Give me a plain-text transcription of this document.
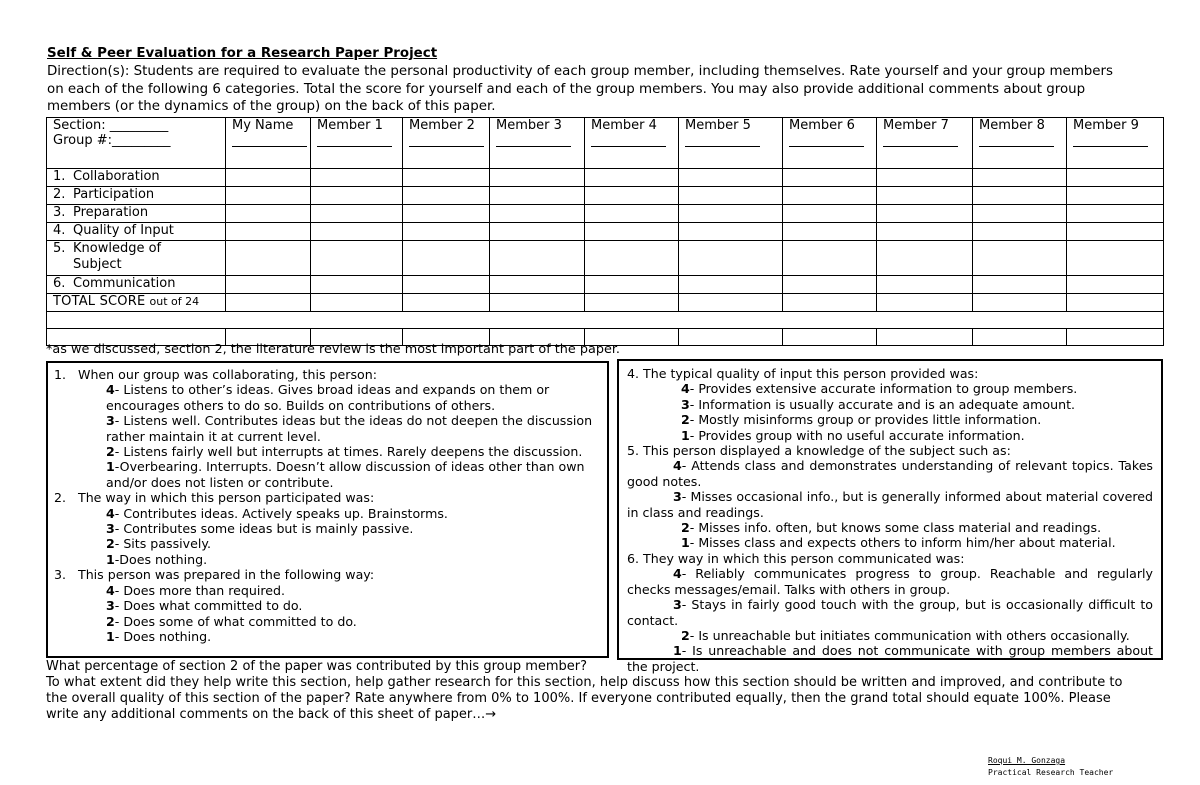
Self & Peer Evaluation for a Research Paper Project
Direction(s): Students are required to evaluate the personal productivity of each group member, including themselves. Rate yourself and your group members on each of the following 6 categories. Total the score for yourself and each of the group members. You may also provide additional comments about group members (or the dynamics of the group) on the back of this paper.
Section: _________
Group #:_________	My Name	Member 1	Member 2	Member 3	Member 4	Member 5	Member 6	Member 7	Member 8	Member 9

1. Collaboration										
2. Participation										
3. Preparation										
4. Quality of Input										
5. Knowledge of
Subject										

6. Communication										
TOTAL SCORE out of 24										

*as we discussed, section 2, the literature review is the most important part of the paper.
1. When our group was collaborating, this person:
4- Listens to other’s ideas. Gives broad ideas and expands on them or encourages others to do so. Builds on contributions of others.
3- Listens well. Contributes ideas but the ideas do not deepen the discussion rather maintain it at current level.
2- Listens fairly well but interrupts at times. Rarely deepens the discussion.
1-Overbearing. Interrupts. Doesn’t allow discussion of ideas other than own and/or does not listen or contribute.
2. The way in which this person participated was:
4- Contributes ideas. Actively speaks up. Brainstorms.
3- Contributes some ideas but is mainly passive.
2- Sits passively.
1-Does nothing.
3. This person was prepared in the following way:
4- Does more than required.
3- Does what committed to do.
2- Does some of what committed to do.
1- Does nothing.
4. The typical quality of input this person provided was:
4- Provides extensive accurate information to group members.
3- Information is usually accurate and is an adequate amount.
2- Mostly misinforms group or provides little information.
1- Provides group with no useful accurate information.
5. This person displayed a knowledge of the subject such as:
4- Attends class and demonstrates understanding of relevant topics. Takes good notes.
3- Misses occasional info., but is generally informed about material covered in class and readings.
2- Misses info. often, but knows some class material and readings.
1- Misses class and expects others to inform him/her about material.
6. They way in which this person communicated was:
4- Reliably communicates progress to group. Reachable and regularly checks messages/email. Talks with others in group.
3- Stays in fairly good touch with the group, but is occasionally difficult to contact.
2- Is unreachable but initiates communication with others occasionally.
1- Is unreachable and does not communicate with group members about the project.
What percentage of section 2 of the paper was contributed by this group member?
To what extent did they help write this section, help gather research for this section, help discuss how this section should be written and improved, and contribute to the overall quality of this section of the paper? Rate anywhere from 0% to 100%. If everyone contributed equally, then the grand total should equate 100%. Please write any additional comments on the back of this sheet of paper…→
Roqui M. Gonzaga
Practical Research Teacher
